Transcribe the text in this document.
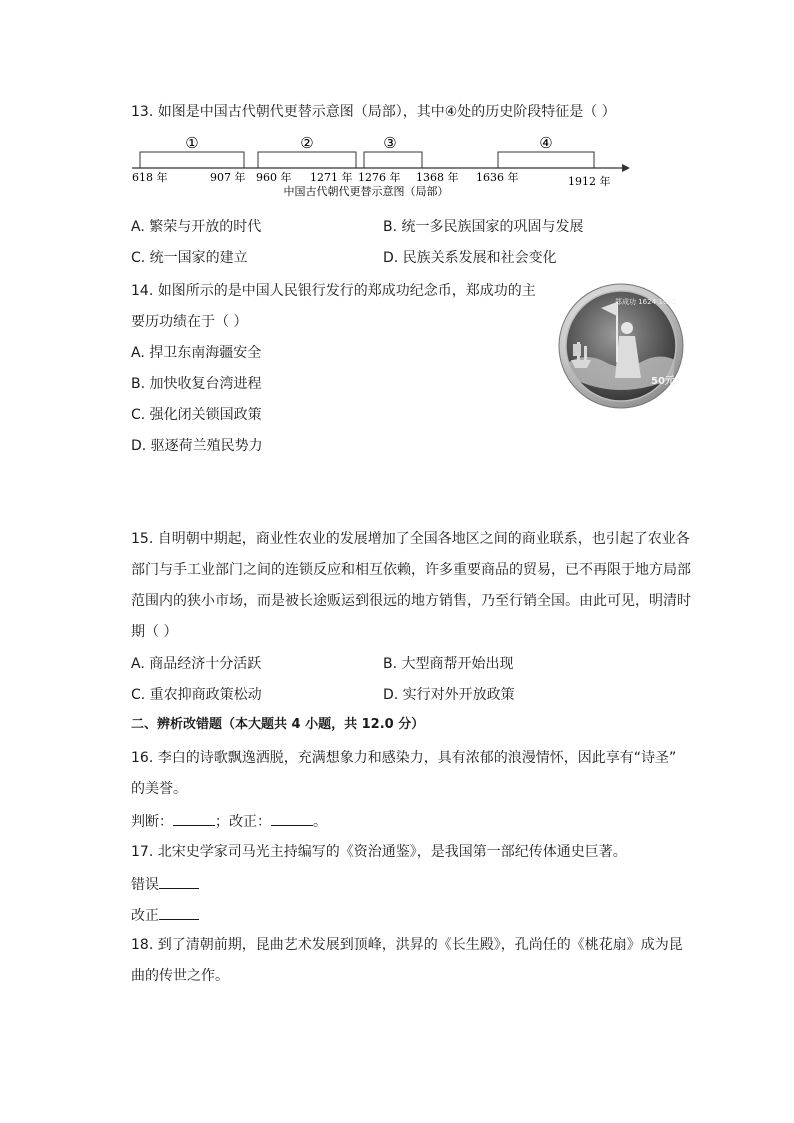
13. 如图是中国古代朝代更替示意图（局部），其中④处的历史阶段特征是（ ）
①	②	③	④
618 年	907 年 960 年 1271 年 1276 年 1368 年 1636 年	1912 年
中国古代朝代更替示意图（局部）
A. 繁荣与开放的时代	B. 统一多民族国家的巩固与发展
C. 统一国家的建立	D. 民族关系发展和社会变化
14. 如图所示的是中国人民银行发行的郑成功纪念币，郑成功的主
要历功绩在于（ ）
A. 捍卫东南海疆安全
B. 加快收复台湾进程
C. 强化闭关锁国政策
D. 驱逐荷兰殖民势力
郑成功 1624-1662
50元
15. 自明朝中期起，商业性农业的发展增加了全国各地区之间的商业联系，也引起了农业各
部门与手工业部门之间的连锁反应和相互依赖，许多重要商品的贸易，已不再限于地方局部
范围内的狭小市场，而是被长途贩运到很远的地方销售，乃至行销全国。由此可见，明清时
期（ ）
A. 商品经济十分活跃	B. 大型商帮开始出现
C. 重农抑商政策松动	D. 实行对外开放政策
二、辨析改错题（本大题共 4 小题，共 12.0 分）
16. 李白的诗歌飘逸洒脱，充满想象力和感染力，具有浓郁的浪漫情怀，因此享有“诗圣”
的美誉。
判断：	；改正：	。
17. 北宋史学家司马光主持编写的《资治通鉴》，是我国第一部纪传体通史巨著。
错误
改正
18. 到了清朝前期，昆曲艺术发展到顶峰，洪昇的《长生殿》，孔尚任的《桃花扇》成为昆
曲的传世之作。
